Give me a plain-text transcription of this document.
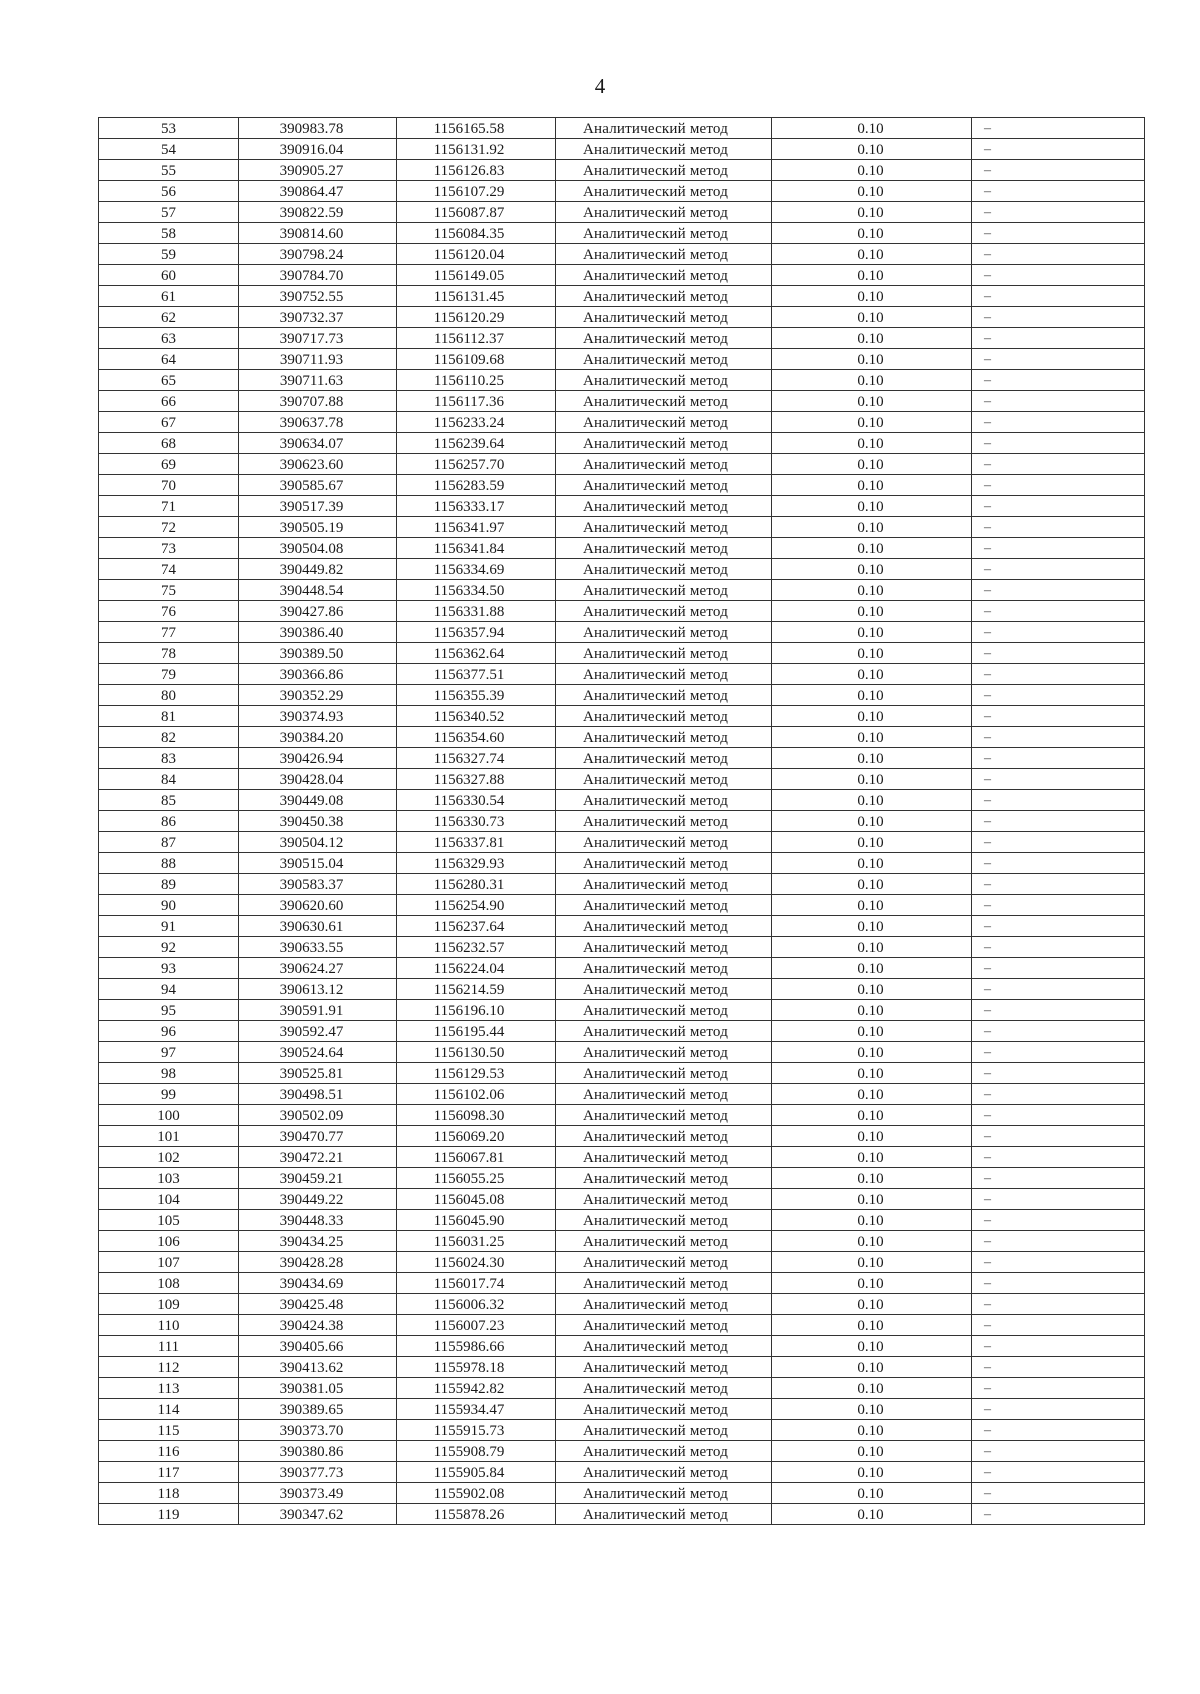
4
53	390983.78	1156165.58	Аналитический метод	0.10	–
54	390916.04	1156131.92	Аналитический метод	0.10	–
55	390905.27	1156126.83	Аналитический метод	0.10	–
56	390864.47	1156107.29	Аналитический метод	0.10	–
57	390822.59	1156087.87	Аналитический метод	0.10	–
58	390814.60	1156084.35	Аналитический метод	0.10	–
59	390798.24	1156120.04	Аналитический метод	0.10	–
60	390784.70	1156149.05	Аналитический метод	0.10	–
61	390752.55	1156131.45	Аналитический метод	0.10	–
62	390732.37	1156120.29	Аналитический метод	0.10	–
63	390717.73	1156112.37	Аналитический метод	0.10	–
64	390711.93	1156109.68	Аналитический метод	0.10	–
65	390711.63	1156110.25	Аналитический метод	0.10	–
66	390707.88	1156117.36	Аналитический метод	0.10	–
67	390637.78	1156233.24	Аналитический метод	0.10	–
68	390634.07	1156239.64	Аналитический метод	0.10	–
69	390623.60	1156257.70	Аналитический метод	0.10	–
70	390585.67	1156283.59	Аналитический метод	0.10	–
71	390517.39	1156333.17	Аналитический метод	0.10	–
72	390505.19	1156341.97	Аналитический метод	0.10	–
73	390504.08	1156341.84	Аналитический метод	0.10	–
74	390449.82	1156334.69	Аналитический метод	0.10	–
75	390448.54	1156334.50	Аналитический метод	0.10	–
76	390427.86	1156331.88	Аналитический метод	0.10	–
77	390386.40	1156357.94	Аналитический метод	0.10	–
78	390389.50	1156362.64	Аналитический метод	0.10	–
79	390366.86	1156377.51	Аналитический метод	0.10	–
80	390352.29	1156355.39	Аналитический метод	0.10	–
81	390374.93	1156340.52	Аналитический метод	0.10	–
82	390384.20	1156354.60	Аналитический метод	0.10	–
83	390426.94	1156327.74	Аналитический метод	0.10	–
84	390428.04	1156327.88	Аналитический метод	0.10	–
85	390449.08	1156330.54	Аналитический метод	0.10	–
86	390450.38	1156330.73	Аналитический метод	0.10	–
87	390504.12	1156337.81	Аналитический метод	0.10	–
88	390515.04	1156329.93	Аналитический метод	0.10	–
89	390583.37	1156280.31	Аналитический метод	0.10	–
90	390620.60	1156254.90	Аналитический метод	0.10	–
91	390630.61	1156237.64	Аналитический метод	0.10	–
92	390633.55	1156232.57	Аналитический метод	0.10	–
93	390624.27	1156224.04	Аналитический метод	0.10	–
94	390613.12	1156214.59	Аналитический метод	0.10	–
95	390591.91	1156196.10	Аналитический метод	0.10	–
96	390592.47	1156195.44	Аналитический метод	0.10	–
97	390524.64	1156130.50	Аналитический метод	0.10	–
98	390525.81	1156129.53	Аналитический метод	0.10	–
99	390498.51	1156102.06	Аналитический метод	0.10	–
100	390502.09	1156098.30	Аналитический метод	0.10	–
101	390470.77	1156069.20	Аналитический метод	0.10	–
102	390472.21	1156067.81	Аналитический метод	0.10	–
103	390459.21	1156055.25	Аналитический метод	0.10	–
104	390449.22	1156045.08	Аналитический метод	0.10	–
105	390448.33	1156045.90	Аналитический метод	0.10	–
106	390434.25	1156031.25	Аналитический метод	0.10	–
107	390428.28	1156024.30	Аналитический метод	0.10	–
108	390434.69	1156017.74	Аналитический метод	0.10	–
109	390425.48	1156006.32	Аналитический метод	0.10	–
110	390424.38	1156007.23	Аналитический метод	0.10	–
111	390405.66	1155986.66	Аналитический метод	0.10	–
112	390413.62	1155978.18	Аналитический метод	0.10	–
113	390381.05	1155942.82	Аналитический метод	0.10	–
114	390389.65	1155934.47	Аналитический метод	0.10	–
115	390373.70	1155915.73	Аналитический метод	0.10	–
116	390380.86	1155908.79	Аналитический метод	0.10	–
117	390377.73	1155905.84	Аналитический метод	0.10	–
118	390373.49	1155902.08	Аналитический метод	0.10	–
119	390347.62	1155878.26	Аналитический метод	0.10	–
